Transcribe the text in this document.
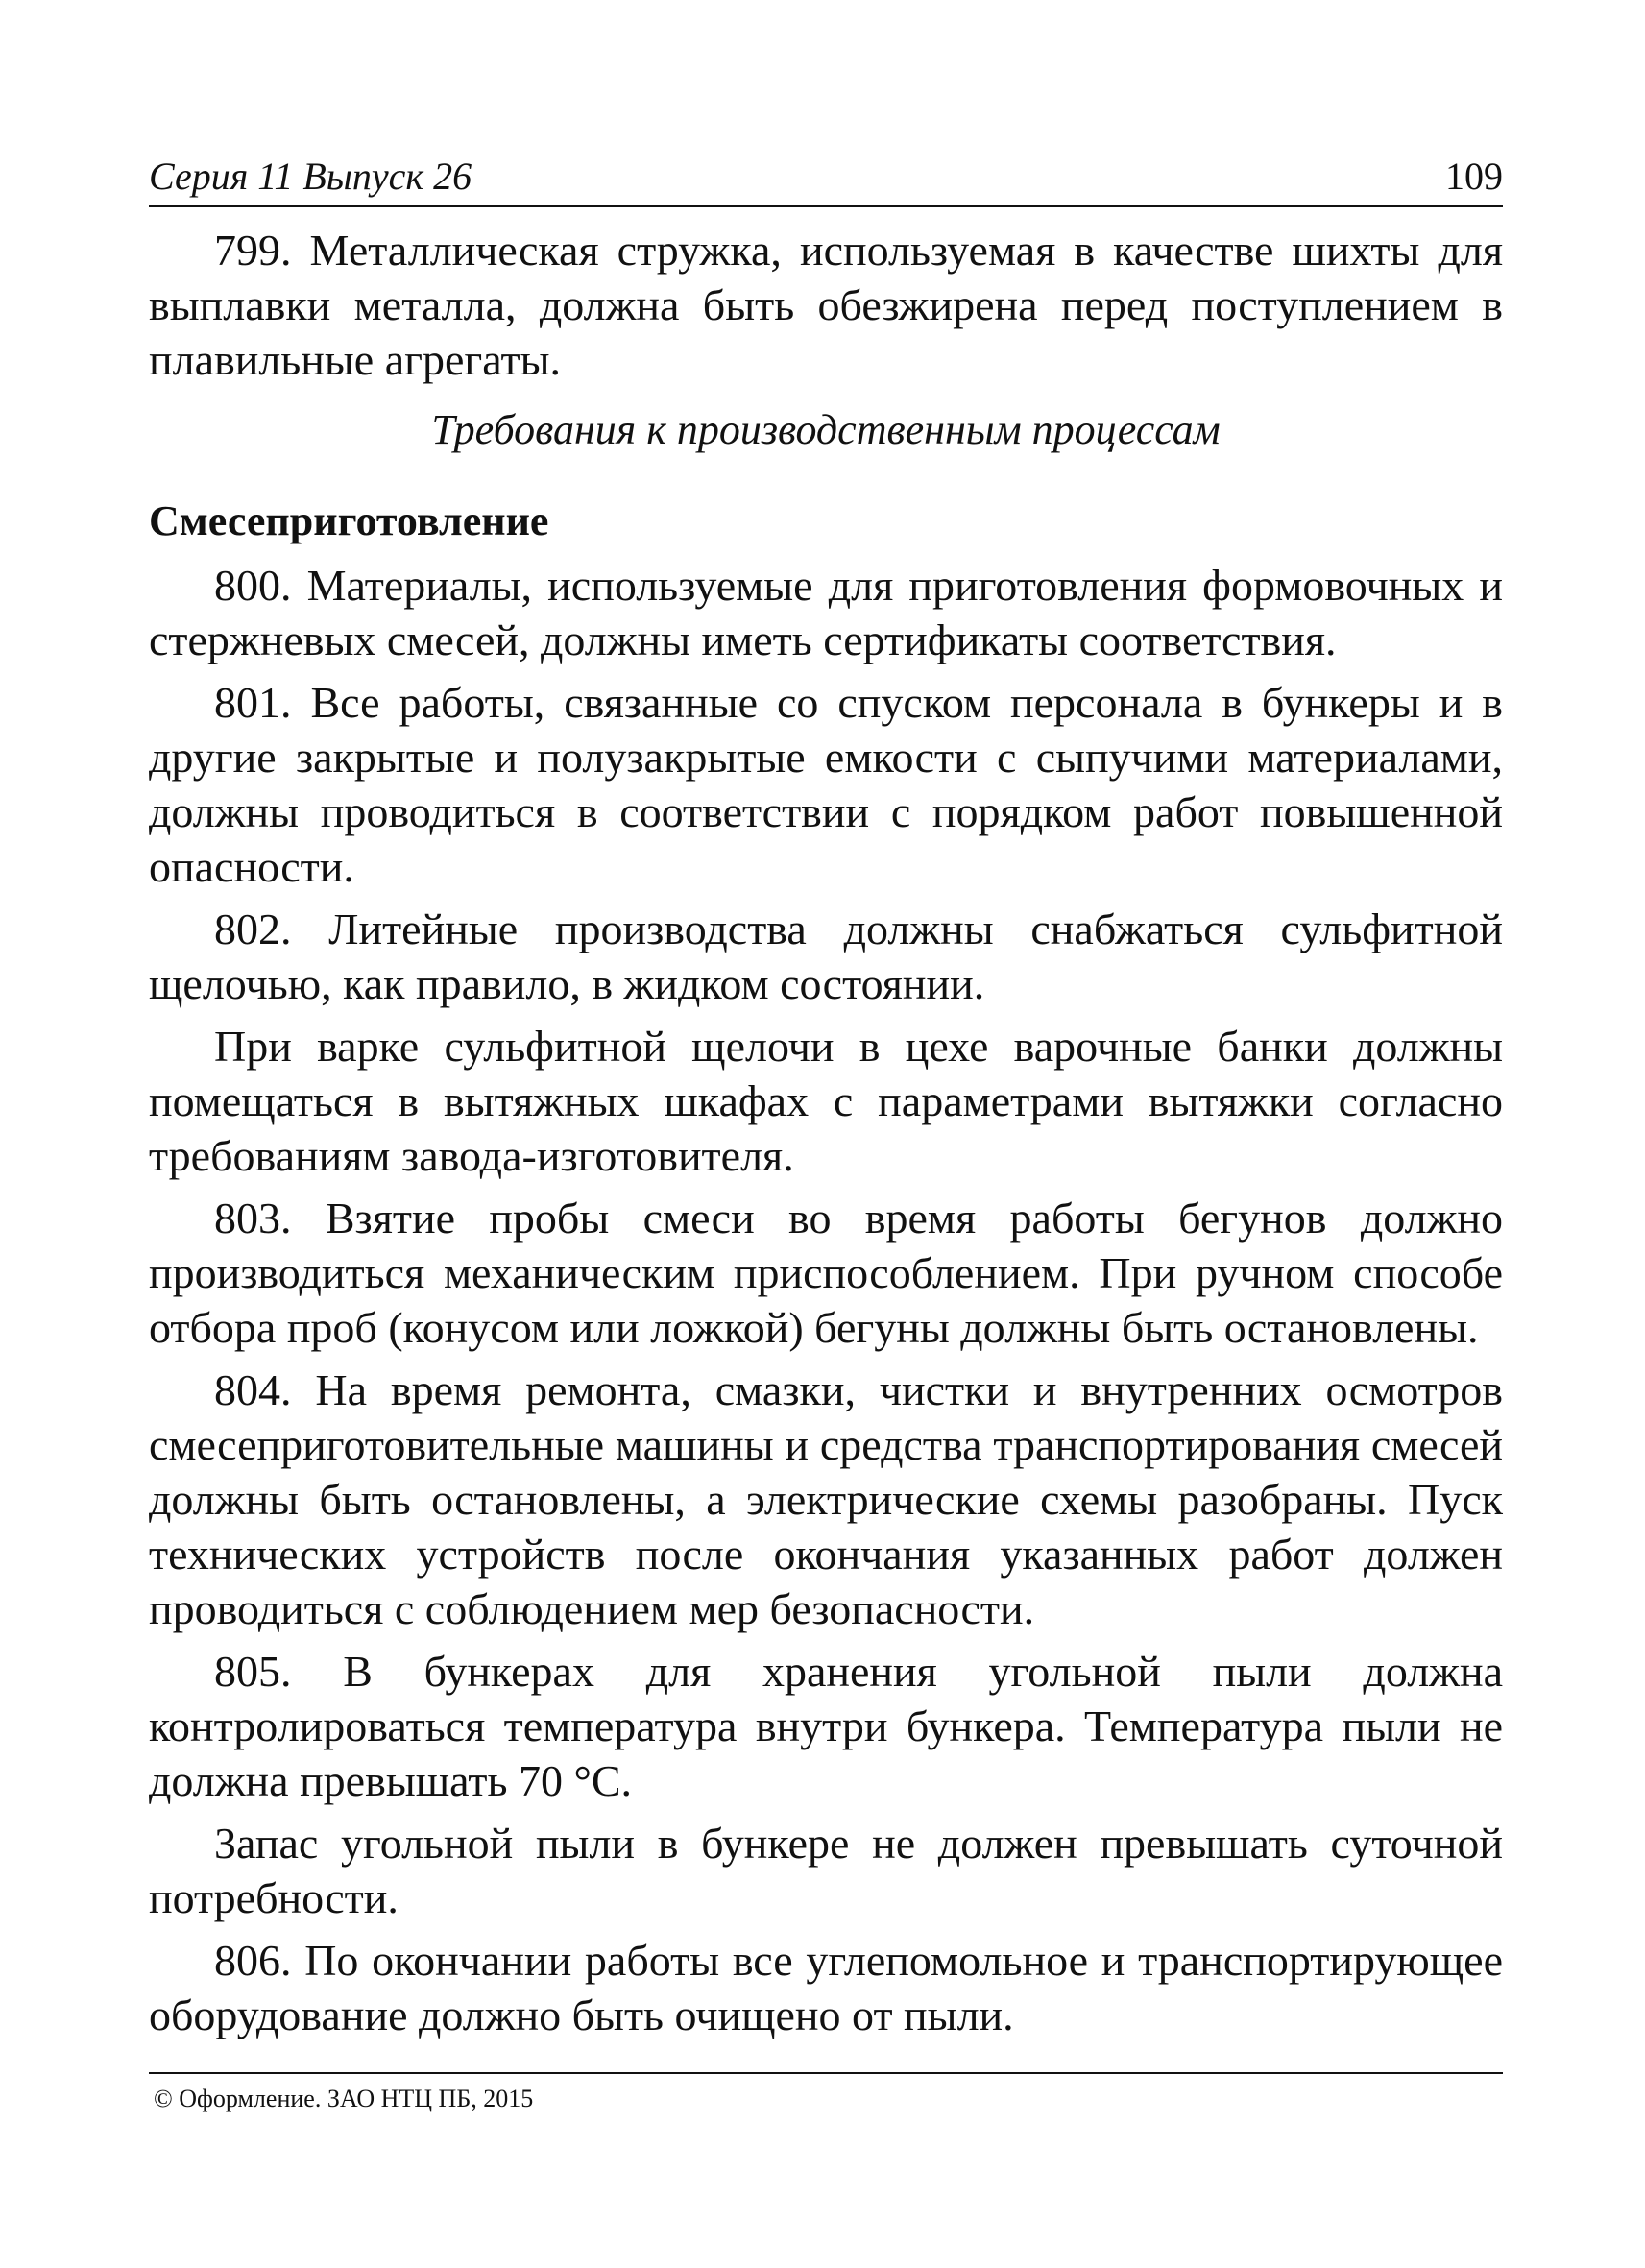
Серия 11 Выпуск 26	109

799. Металлическая стружка, используемая в качестве шихты для выплавки металла, должна быть обезжирена перед поступлением в плавильные агрегаты.

Требования к производственным процессам
Смесеприготовление

800. Материалы, используемые для приготовления формовочных и стержневых смесей, должны иметь сертификаты соответствия.

801. Все работы, связанные со спуском персонала в бункеры и в другие закрытые и полузакрытые емкости с сыпучими материалами, должны проводиться в соответствии с порядком работ повышенной опасности.

802. Литейные производства должны снабжаться сульфитной щелочью, как правило, в жидком состоянии.

При варке сульфитной щелочи в цехе варочные банки должны помещаться в вытяжных шкафах с параметрами вытяжки согласно требованиям завода-изготовителя.

803. Взятие пробы смеси во время работы бегунов должно производиться механическим приспособлением. При ручном способе отбора проб (конусом или ложкой) бегуны должны быть остановлены.

804. На время ремонта, смазки, чистки и внутренних осмотров смесеприготовительные машины и средства транспортирования смесей должны быть остановлены, а электрические схемы разобраны. Пуск технических устройств после окончания указанных работ должен проводиться с соблюдением мер безопасности.

805. В бункерах для хранения угольной пыли должна контролироваться температура внутри бункера. Температура пыли не должна превышать 70 °С.

Запас угольной пыли в бункере не должен превышать суточной потребности.

806. По окончании работы все углепомольное и транспортирующее оборудование должно быть очищено от пыли.

© Оформление. ЗАО НТЦ ПБ, 2015
